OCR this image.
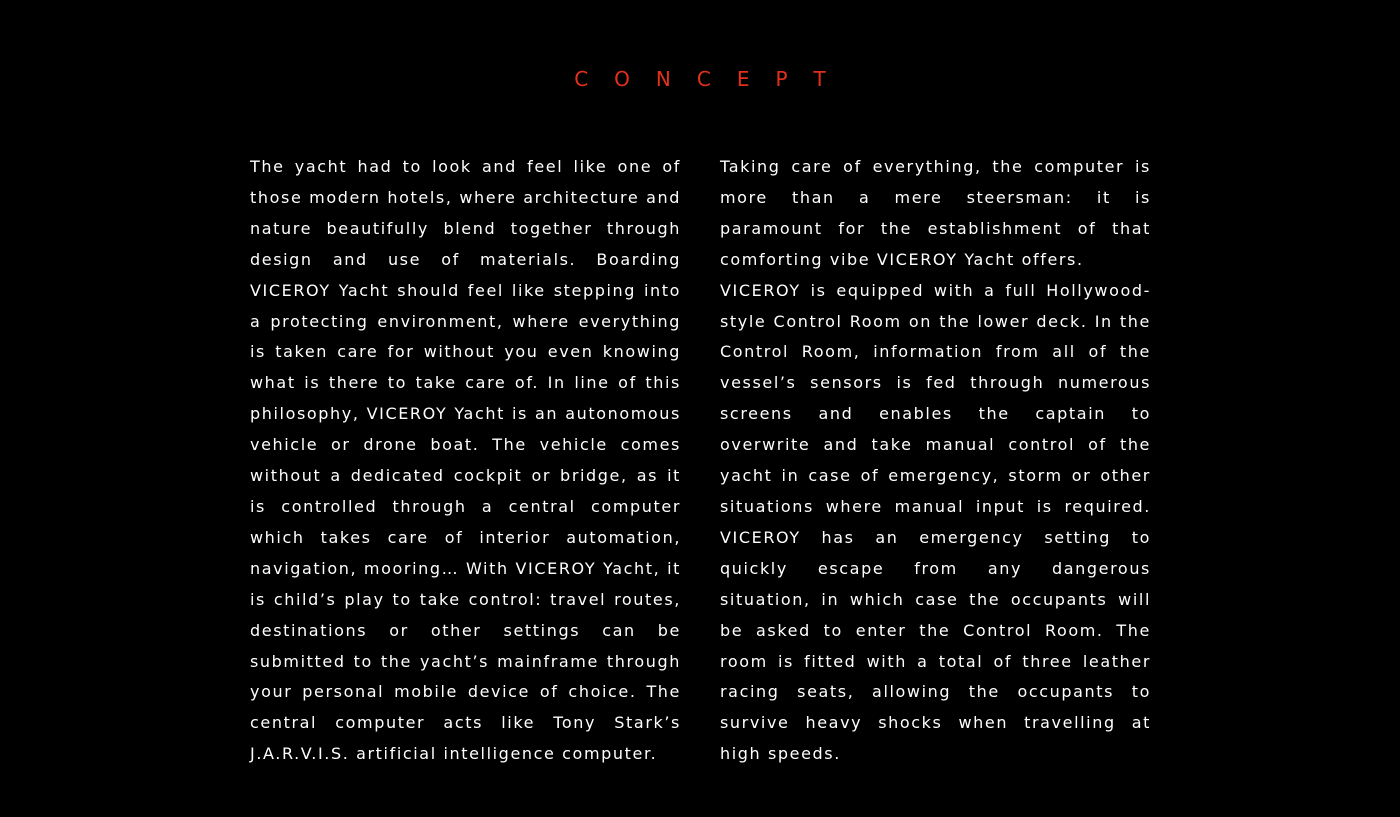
CONCEPT

The yacht had to look and feel like one of those modern hotels, where architecture and nature beautifully blend together through design and use of materials. Boarding VICEROY Yacht should feel like stepping into a protecting environment, where everything is taken care for without you even knowing what is there to take care of. In line of this philosophy, VICEROY Yacht is an autonomous vehicle or drone boat. The vehicle comes without a dedicated cockpit or bridge, as it is controlled through a central computer which takes care of interior automation, navigation, mooring… With VICEROY Yacht, it is child’s play to take control: travel routes, destinations or other settings can be submitted to the yacht’s mainframe through your personal mobile device of choice. The central computer acts like Tony Stark’s J.A.R.V.I.S. artificial intelligence computer.

Taking care of everything, the computer is more than a mere steersman: it is paramount for the establishment of that comforting vibe VICEROY Yacht offers.

VICEROY is equipped with a full Hollywood-style Control Room on the lower deck. In the Control Room, information from all of the vessel’s sensors is fed through numerous screens and enables the captain to overwrite and take manual control of the yacht in case of emergency, storm or other situations where manual input is required. VICEROY has an emergency setting to quickly escape from any dangerous situation, in which case the occupants will be asked to enter the Control Room. The room is fitted with a total of three leather racing seats, allowing the occupants to survive heavy shocks when travelling at high speeds.
